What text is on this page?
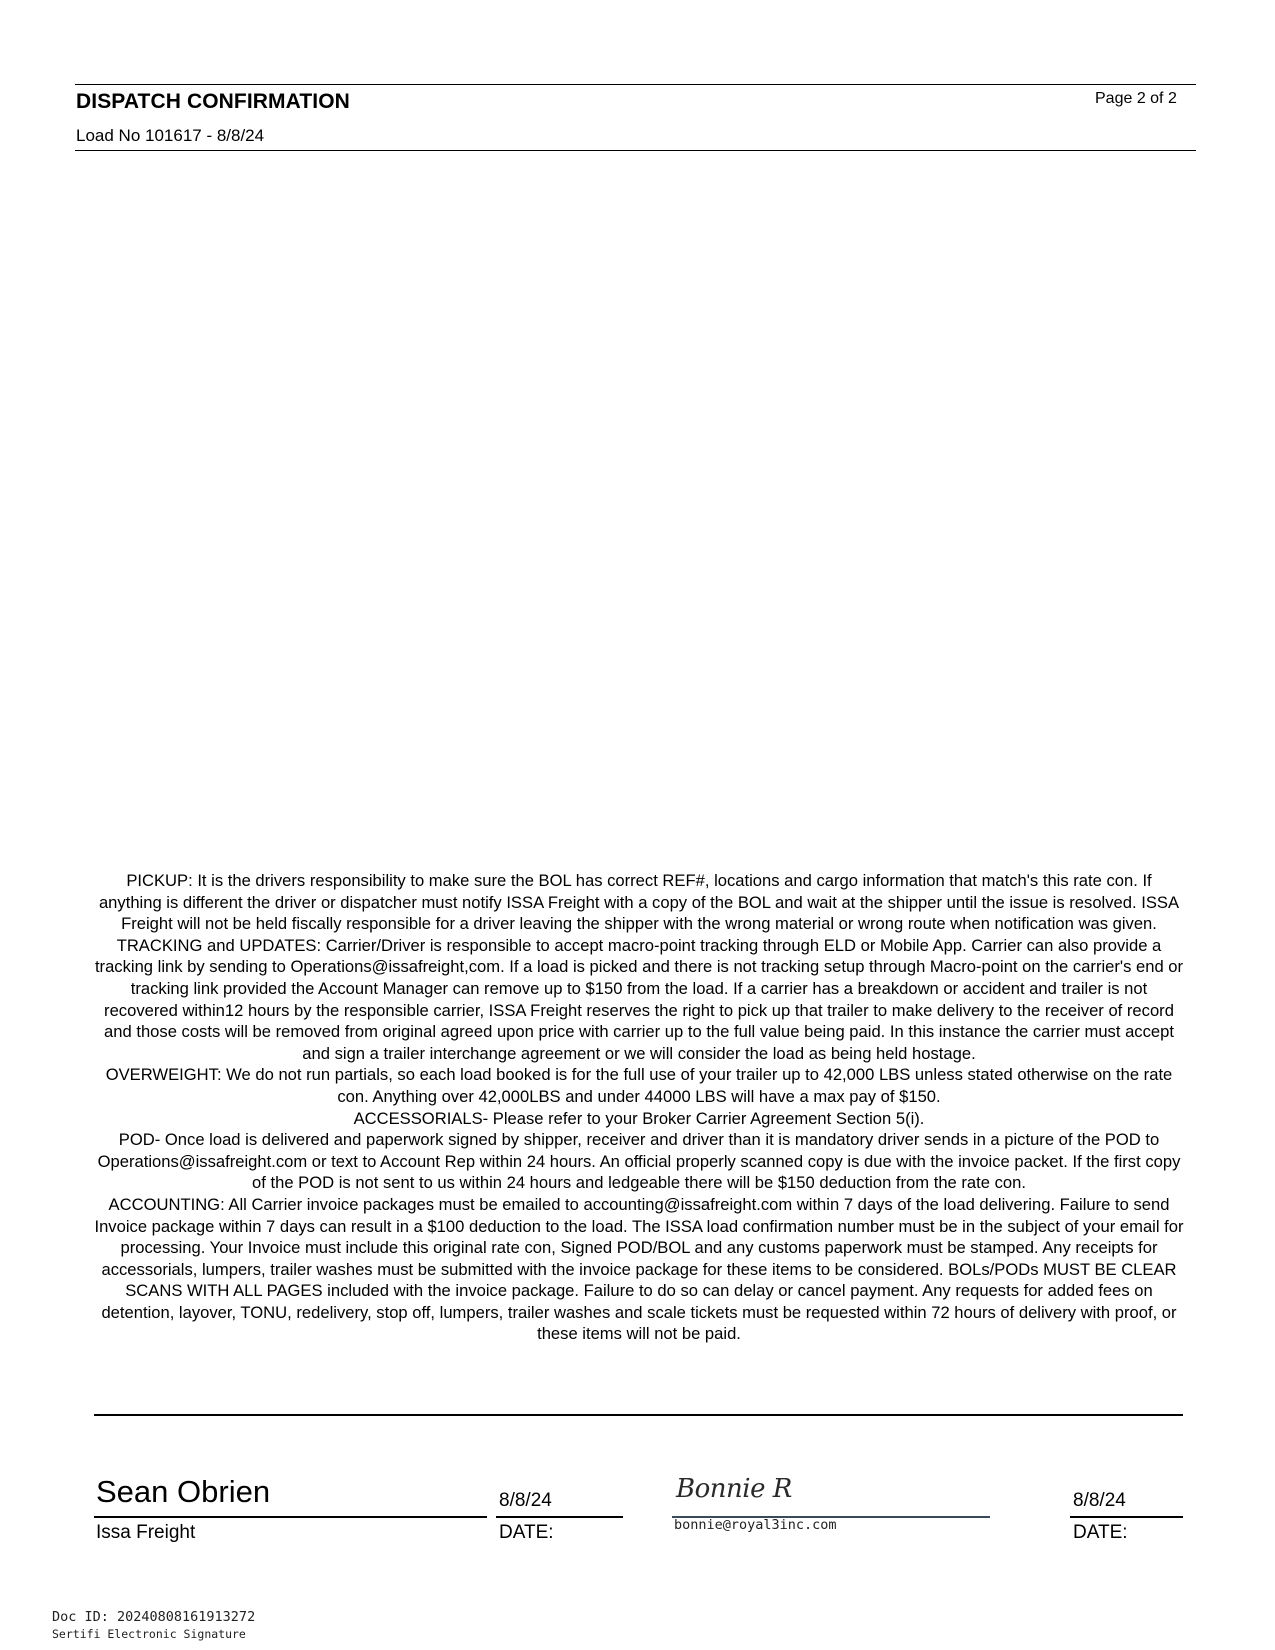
DISPATCH CONFIRMATION	Page 2 of 2
Load No 101617 - 8/8/24

PICKUP: It is the drivers responsibility to make sure the BOL has correct REF#, locations and cargo information that match's this rate con. If anything is different the driver or dispatcher must notify ISSA Freight with a copy of the BOL and wait at the shipper until the issue is resolved. ISSA Freight will not be held fiscally responsible for a driver leaving the shipper with the wrong material or wrong route when notification was given.

TRACKING and UPDATES: Carrier/Driver is responsible to accept macro-point tracking through ELD or Mobile App. Carrier can also provide a tracking link by sending to Operations@issafreight,com. If a load is picked and there is not tracking setup through Macro-point on the carrier's end or tracking link provided the Account Manager can remove up to $150 from the load. If a carrier has a breakdown or accident and trailer is not recovered within12 hours by the responsible carrier, ISSA Freight reserves the right to pick up that trailer to make delivery to the receiver of record and those costs will be removed from original agreed upon price with carrier up to the full value being paid. In this instance the carrier must accept and sign a trailer interchange agreement or we will consider the load as being held hostage.

OVERWEIGHT: We do not run partials, so each load booked is for the full use of your trailer up to 42,000 LBS unless stated otherwise on the rate con. Anything over 42,000LBS and under 44000 LBS will have a max pay of $150.

ACCESSORIALS- Please refer to your Broker Carrier Agreement Section 5(i).

POD- Once load is delivered and paperwork signed by shipper, receiver and driver than it is mandatory driver sends in a picture of the POD to Operations@issafreight.com or text to Account Rep within 24 hours. An official properly scanned copy is due with the invoice packet. If the first copy of the POD is not sent to us within 24 hours and ledgeable there will be $150 deduction from the rate con.

ACCOUNTING: All Carrier invoice packages must be emailed to accounting@issafreight.com within 7 days of the load delivering. Failure to send Invoice package within 7 days can result in a $100 deduction to the load. The ISSA load confirmation number must be in the subject of your email for processing. Your Invoice must include this original rate con, Signed POD/BOL and any customs paperwork must be stamped. Any receipts for accessorials, lumpers, trailer washes must be submitted with the invoice package for these items to be considered. BOLs/PODs MUST BE CLEAR SCANS WITH ALL PAGES included with the invoice package. Failure to do so can delay or cancel payment. Any requests for added fees on detention, layover, TONU, redelivery, stop off, lumpers, trailer washes and scale tickets must be requested within 72 hours of delivery with proof, or these items will not be paid.

Sean Obrien	8/8/24	Bonnie R	8/8/24
Issa Freight	DATE:	bonnie@royal3inc.com	DATE:
Doc ID: 20240808161913272
Sertifi Electronic Signature
